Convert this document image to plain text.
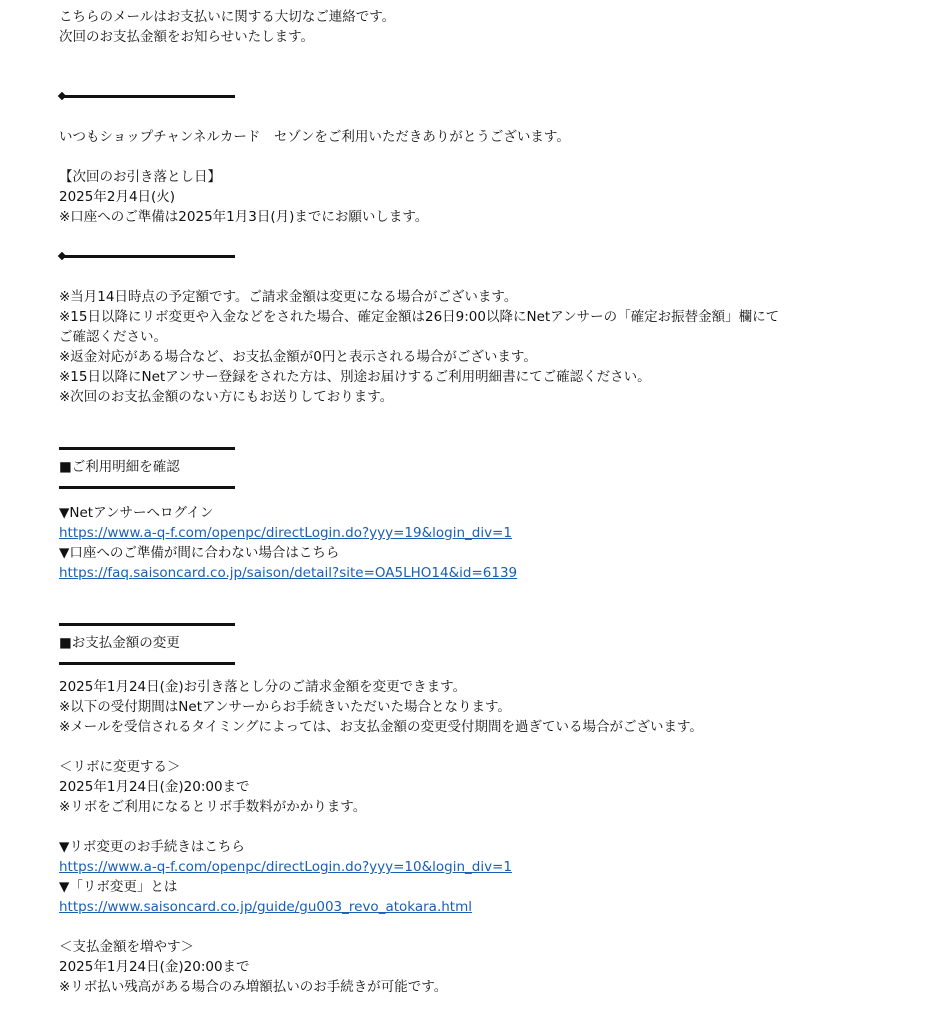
こちらのメールはお支払いに関する大切なご連絡です。
次回のお支払金額をお知らせいたします。
いつもショップチャンネルカード　セゾンをご利用いただきありがとうございます。
【次回のお引き落とし日】
2025年2月4日(火)
※口座へのご準備は2025年1月3日(月)までにお願いします。
※当月14日時点の予定額です。ご請求金額は変更になる場合がございます。
※15日以降にリボ変更や入金などをされた場合、確定金額は26日9:00以降にNetアンサーの「確定お振替金額」欄にて
ご確認ください。
※返金対応がある場合など、お支払金額が0円と表示される場合がございます。
※15日以降にNetアンサー登録をされた方は、別途お届けするご利用明細書にてご確認ください。
※次回のお支払金額のない方にもお送りしております。
■ご利用明細を確認
▼Netアンサーへログイン
https://www.a-q-f.com/openpc/directLogin.do?yyy=19&login_div=1
▼口座へのご準備が間に合わない場合はこちら
https://faq.saisoncard.co.jp/saison/detail?site=OA5LHO14&id=6139
■お支払金額の変更
2025年1月24日(金)お引き落とし分のご請求金額を変更できます。
※以下の受付期間はNetアンサーからお手続きいただいた場合となります。
※メールを受信されるタイミングによっては、お支払金額の変更受付期間を過ぎている場合がございます。
＜リボに変更する＞
2025年1月24日(金)20:00まで
※リボをご利用になるとリボ手数料がかかります。
▼リボ変更のお手続きはこちら
https://www.a-q-f.com/openpc/directLogin.do?yyy=10&login_div=1
▼「リボ変更」とは
https://www.saisoncard.co.jp/guide/gu003_revo_atokara.html
＜支払金額を増やす＞
2025年1月24日(金)20:00まで
※リボ払い残高がある場合のみ増額払いのお手続きが可能です。
